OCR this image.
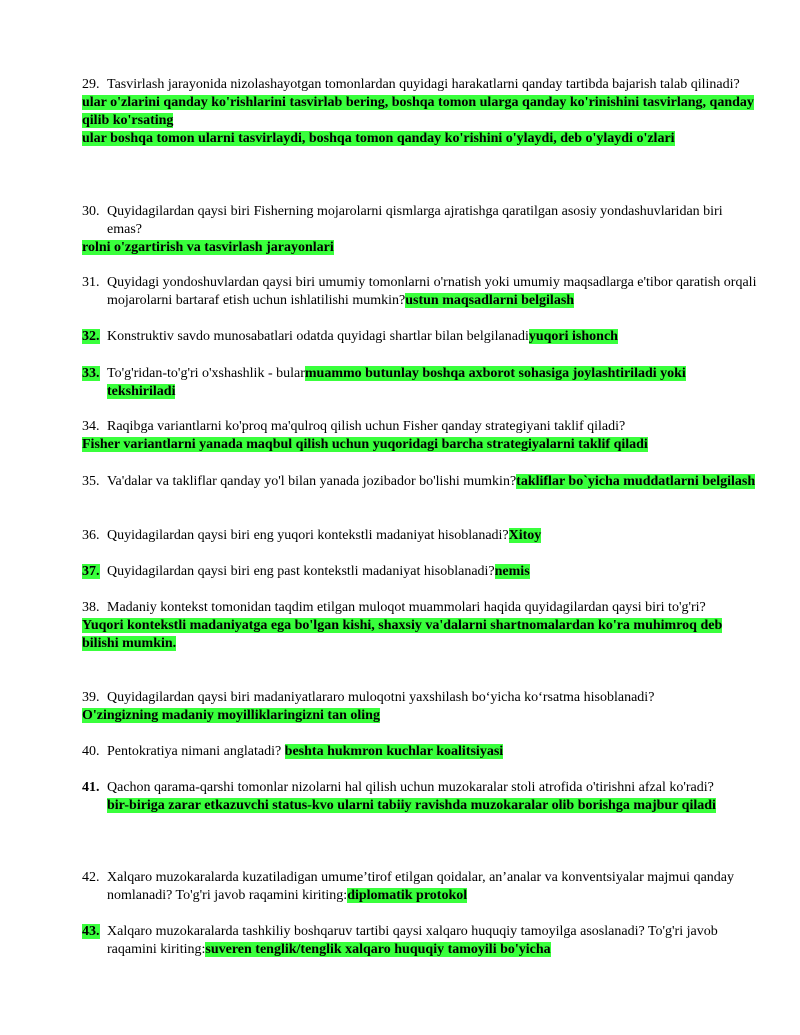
29. Tasvirlash jarayonida nizolashayotgan tomonlardan quyidagi harakatlarni qanday tartibda bajarish talab qilinadi?
ular o'zlarini qanday ko'rishlarini tasvirlab bering, boshqa tomon ularga qanday ko'rinishini tasvirlang, qanday qilib ko'rsating
ular boshqa tomon ularni tasvirlaydi, boshqa tomon qanday ko'rishini o'ylaydi, deb o'ylaydi o'zlari
30. Quyidagilardan qaysi biri Fisherning mojarolarni qismlarga ajratishga qaratilgan asosiy yondashuvlaridan biri emas?
rolni o'zgartirish va tasvirlash jarayonlari
31. Quyidagi yondoshuvlardan qaysi biri umumiy tomonlarni o'rnatish yoki umumiy maqsadlarga e'tibor qaratish orqali mojarolarni bartaraf etish uchun ishlatilishi mumkin?ustun maqsadlarni belgilash
32. Konstruktiv savdo munosabatlari odatda quyidagi shartlar bilan belgilanadiyuqori ishonch
33. To'g'ridan-to'g'ri o'xshashlik - bularmuammo butunlay boshqa axborot sohasiga joylashtiriladi yoki tekshiriladi
34. Raqibga variantlarni ko'proq ma'qulroq qilish uchun Fisher qanday strategiyani taklif qiladi?
Fisher variantlarni yanada maqbul qilish uchun yuqoridagi barcha strategiyalarni taklif qiladi
35. Va'dalar va takliflar qanday yo'l bilan yanada jozibador bo'lishi mumkin?takliflar bo`yicha muddatlarni belgilash
36. Quyidagilardan qaysi biri eng yuqori kontekstli madaniyat hisoblanadi?Xitoy
37. Quyidagilardan qaysi biri eng past kontekstli madaniyat hisoblanadi?nemis
38. Madaniy kontekst tomonidan taqdim etilgan muloqot muammolari haqida quyidagilardan qaysi biri to'g'ri?
Yuqori kontekstli madaniyatga ega bo'lgan kishi, shaxsiy va'dalarni shartnomalardan ko'ra muhimroq deb bilishi mumkin.
39. Quyidagilardan qaysi biri madaniyatlararo muloqotni yaxshilash bo‘yicha ko‘rsatma hisoblanadi?
O'zingizning madaniy moyilliklaringizni tan oling
40. Pentokratiya nimani anglatadi? beshta hukmron kuchlar koalitsiyasi
41. Qachon qarama-qarshi tomonlar nizolarni hal qilish uchun muzokaralar stoli atrofida o'tirishni afzal ko'radi?
bir-biriga zarar etkazuvchi status-kvo ularni tabiiy ravishda muzokaralar olib borishga majbur qiladi
42. Xalqaro muzokaralarda kuzatiladigan umume’tirof etilgan qoidalar, an’analar va konventsiyalar majmui qanday nomlanadi? To'g'ri javob raqamini kiriting:diplomatik protokol
43. Xalqaro muzokaralarda tashkiliy boshqaruv tartibi qaysi xalqaro huquqiy tamoyilga asoslanadi? To'g'ri javob raqamini kiriting:suveren tenglik/tenglik xalqaro huquqiy tamoyili bo'yicha
